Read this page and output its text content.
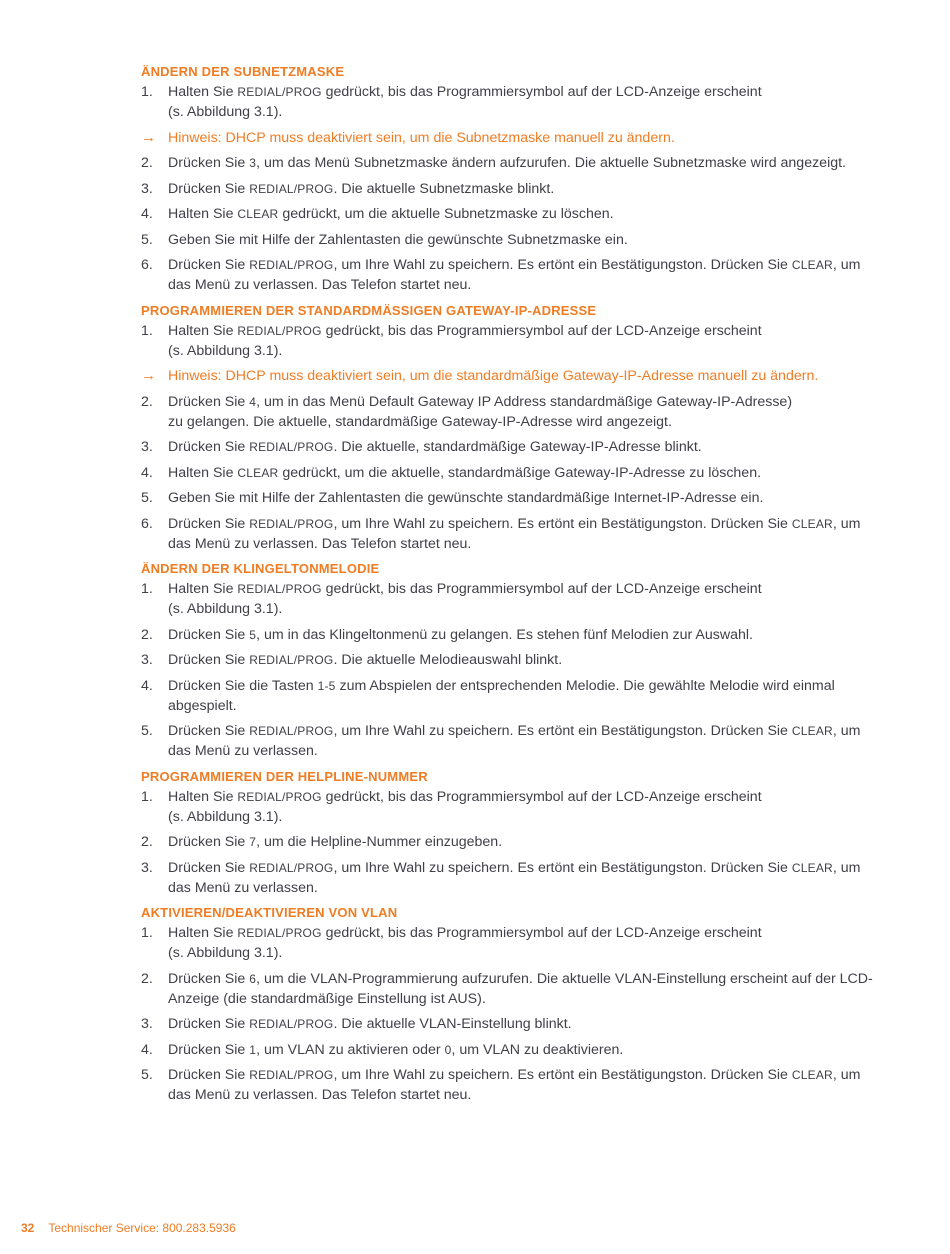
ÄNDERN DER SUBNETZMASKE
1.	Halten Sie REDIAL/PROG gedrückt, bis das Programmiersymbol auf der LCD-Anzeige erscheint
(s. Abbildung 3.1).
→ Hinweis: DHCP muss deaktiviert sein, um die Subnetzmaske manuell zu ändern.
2.	Drücken Sie 3, um das Menü Subnetzmaske ändern aufzurufen. Die aktuelle Subnetzmaske wird angezeigt.
3.	Drücken Sie REDIAL/PROG. Die aktuelle Subnetzmaske blinkt.
4.	Halten Sie CLEAR gedrückt, um die aktuelle Subnetzmaske zu löschen.
5.	Geben Sie mit Hilfe der Zahlentasten die gewünschte Subnetzmaske ein.
6.	Drücken Sie REDIAL/PROG, um Ihre Wahl zu speichern. Es ertönt ein Bestätigungston. Drücken Sie CLEAR, um das Menü zu verlassen. Das Telefon startet neu.
PROGRAMMIEREN DER STANDARDMÄSSIGEN GATEWAY-IP-ADRESSE
1.	Halten Sie REDIAL/PROG gedrückt, bis das Programmiersymbol auf der LCD-Anzeige erscheint
(s. Abbildung 3.1).
→ Hinweis: DHCP muss deaktiviert sein, um die standardmäßige Gateway-IP-Adresse manuell zu ändern.
2.	Drücken Sie 4, um in das Menü Default Gateway IP Address standardmäßige Gateway-IP-Adresse)
zu gelangen. Die aktuelle, standardmäßige Gateway-IP-Adresse wird angezeigt.
3.	Drücken Sie REDIAL/PROG. Die aktuelle, standardmäßige Gateway-IP-Adresse blinkt.
4.	Halten Sie CLEAR gedrückt, um die aktuelle, standardmäßige Gateway-IP-Adresse zu löschen.
5.	Geben Sie mit Hilfe der Zahlentasten die gewünschte standardmäßige Internet-IP-Adresse ein.
6.	Drücken Sie REDIAL/PROG, um Ihre Wahl zu speichern. Es ertönt ein Bestätigungston. Drücken Sie CLEAR, um das Menü zu verlassen. Das Telefon startet neu.
ÄNDERN DER KLINGELTONMELODIE
1.	Halten Sie REDIAL/PROG gedrückt, bis das Programmiersymbol auf der LCD-Anzeige erscheint
(s. Abbildung 3.1).
2.	Drücken Sie 5, um in das Klingeltonmenü zu gelangen. Es stehen fünf Melodien zur Auswahl.
3.	Drücken Sie REDIAL/PROG. Die aktuelle Melodieauswahl blinkt.
4.	Drücken Sie die Tasten 1-5 zum Abspielen der entsprechenden Melodie. Die gewählte Melodie wird einmal abgespielt.
5.	Drücken Sie REDIAL/PROG, um Ihre Wahl zu speichern. Es ertönt ein Bestätigungston. Drücken Sie CLEAR, um das Menü zu verlassen.
PROGRAMMIEREN DER HELPLINE-NUMMER
1.	Halten Sie REDIAL/PROG gedrückt, bis das Programmiersymbol auf der LCD-Anzeige erscheint
(s. Abbildung 3.1).
2.	Drücken Sie 7, um die Helpline-Nummer einzugeben.
3.	Drücken Sie REDIAL/PROG, um Ihre Wahl zu speichern. Es ertönt ein Bestätigungston. Drücken Sie CLEAR, um das Menü zu verlassen.
AKTIVIEREN/DEAKTIVIEREN VON VLAN
1.	Halten Sie REDIAL/PROG gedrückt, bis das Programmiersymbol auf der LCD-Anzeige erscheint
(s. Abbildung 3.1).
2.	Drücken Sie 6, um die VLAN-Programmierung aufzurufen. Die aktuelle VLAN-Einstellung erscheint auf der LCD-Anzeige (die standardmäßige Einstellung ist AUS).
3.	Drücken Sie REDIAL/PROG. Die aktuelle VLAN-Einstellung blinkt.
4.	Drücken Sie 1, um VLAN zu aktivieren oder 0, um VLAN zu deaktivieren.
5.	Drücken Sie REDIAL/PROG, um Ihre Wahl zu speichern. Es ertönt ein Bestätigungston. Drücken Sie CLEAR, um das Menü zu verlassen. Das Telefon startet neu.
32 Technischer Service: 800.283.5936
